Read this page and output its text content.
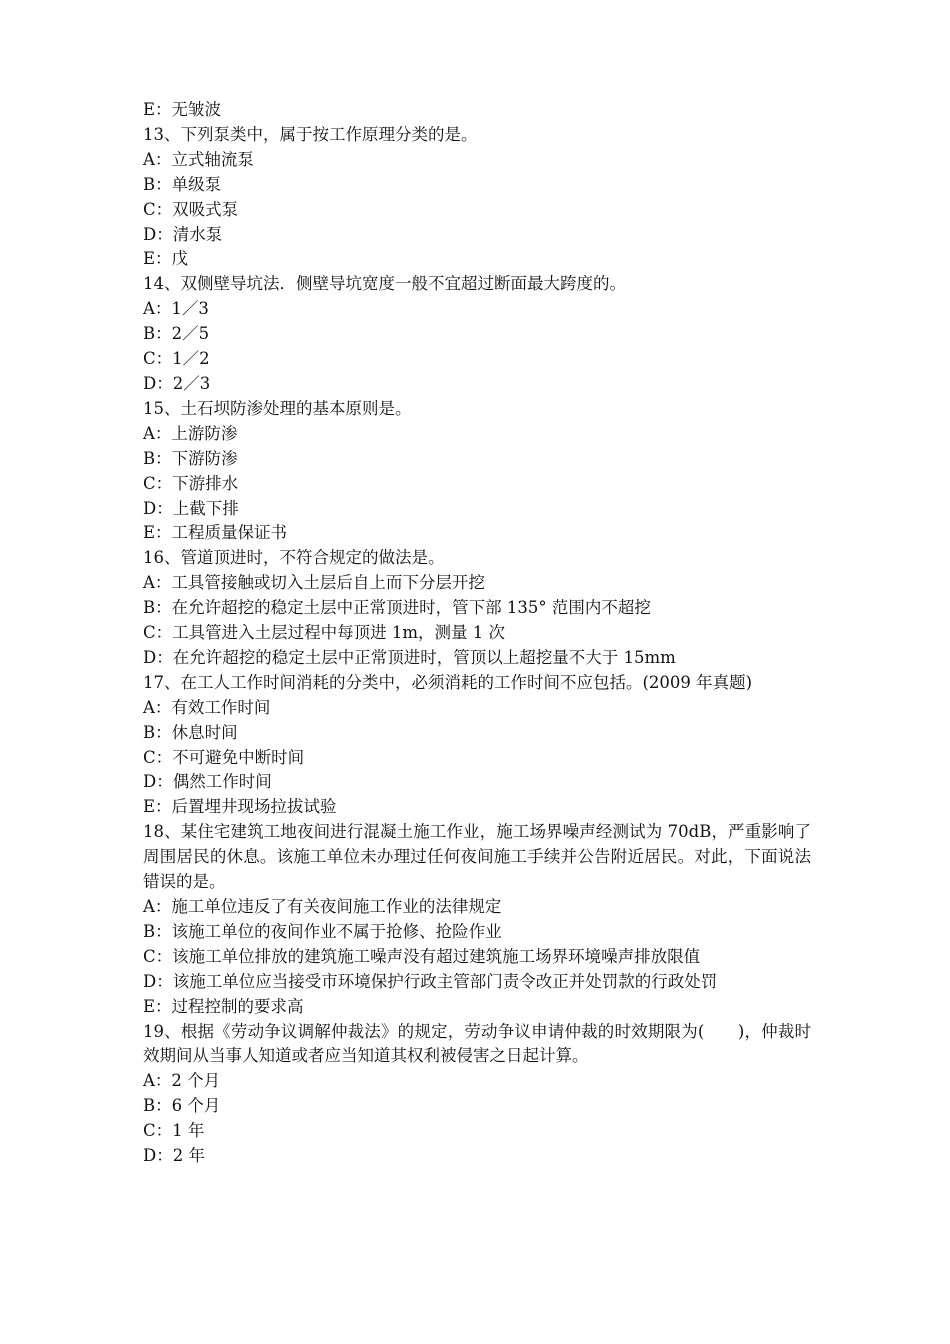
E：无皱波

13、下列泵类中，属于按工作原理分类的是。

A：立式轴流泵

B：单级泵

C：双吸式泵

D：清水泵

E：戊

14、双侧壁导坑法．侧壁导坑宽度一般不宜超过断面最大跨度的。

A：1／3

B：2／5

C：1／2

D：2／3

15、土石坝防渗处理的基本原则是。

A：上游防渗

B：下游防渗

C：下游排水

D：上截下排

E：工程质量保证书

16、管道顶进时，不符合规定的做法是。

A：工具管接触或切入土层后自上而下分层开挖

B：在允许超挖的稳定土层中正常顶进时，管下部 135° 范围内不超挖

C：工具管进入土层过程中每顶进 1m，测量 1 次

D：在允许超挖的稳定土层中正常顶进时，管顶以上超挖量不大于 15mm

17、在工人工作时间消耗的分类中，必须消耗的工作时间不应包括。(2009 年真题)

A：有效工作时间

B：休息时间

C：不可避免中断时间

D：偶然工作时间

E：后置埋井现场拉拔试验

18、某住宅建筑工地夜间进行混凝土施工作业，施工场界噪声经测试为 70dB，严重影响了周围居民的休息。该施工单位未办理过任何夜间施工手续并公告附近居民。对此，下面说法错误的是。

A：施工单位违反了有关夜间施工作业的法律规定

B：该施工单位的夜间作业不属于抢修、抢险作业

C：该施工单位排放的建筑施工噪声没有超过建筑施工场界环境噪声排放限值

D：该施工单位应当接受市环境保护行政主管部门责令改正并处罚款的行政处罚

E：过程控制的要求高

19、根据《劳动争议调解仲裁法》的规定，劳动争议申请仲裁的时效期限为(　　)，仲裁时效期间从当事人知道或者应当知道其权利被侵害之日起计算。

A：2 个月

B：6 个月

C：1 年

D：2 年
